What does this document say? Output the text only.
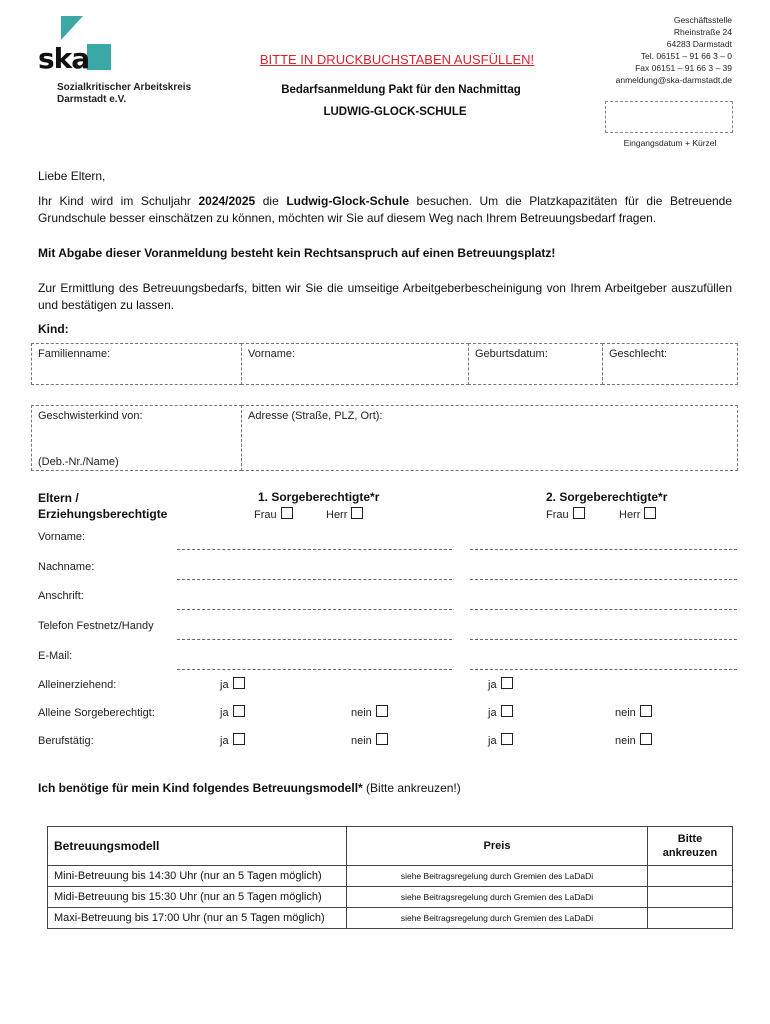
ska
Sozialkritischer Arbeitskreis
Darmstadt e.V.
BITTE IN DRUCKBUCHSTABEN AUSFÜLLEN!
Bedarfsanmeldung Pakt für den Nachmittag
LUDWIG-GLOCK-SCHULE
Geschäftsstelle
Rheinstraße 24
64283 Darmstadt
Tel. 06151 – 91 66 3 – 0
Fax 06151 – 91 66 3 – 39
anmeldung@ska-darmstadt.de
Eingangsdatum + Kürzel
Liebe Eltern,
Ihr Kind wird im Schuljahr 2024/2025 die Ludwig-Glock-Schule besuchen. Um die Platzkapazitäten für die Betreuende Grundschule besser einschätzen zu können, möchten wir Sie auf diesem Weg nach Ihrem Betreuungsbedarf fragen.
Mit Abgabe dieser Voranmeldung besteht kein Rechtsanspruch auf einen Betreuungsplatz!
Zur Ermittlung des Betreuungsbedarfs, bitten wir Sie die umseitige Arbeitgeberbescheinigung von Ihrem Arbeitgeber auszufüllen und bestätigen zu lassen.
Kind:
Familienname:	Vorname:	Geburtsdatum:	Geschlecht:
Geschwisterkind von:
(Deb.-Nr./Name)
Adresse (Straße, PLZ, Ort):
Eltern /
Erziehungsberechtigte
1. Sorgeberechtigte*r	2. Sorgeberechtigte*r
Frau	Herr	Frau	Herr
Vorname:
Nachname:
Anschrift:
Telefon Festnetz/Handy
E-Mail:
Alleinerziehend:	ja	ja
Alleine Sorgeberechtigt:	ja	nein	ja	nein
Berufstätig:	ja	nein	ja	nein
Ich benötige für mein Kind folgendes Betreuungsmodell* (Bitte ankreuzen!)
Betreuungsmodell	Preis	Bitte
ankreuzen

Mini-Betreuung bis 14:30 Uhr (nur an 5 Tagen möglich)	siehe Beitragsregelung durch Gremien des LaDaDi	
Midi-Betreuung bis 15:30 Uhr (nur an 5 Tagen möglich)	siehe Beitragsregelung durch Gremien des LaDaDi	
Maxi-Betreuung bis 17:00 Uhr (nur an 5 Tagen möglich)	siehe Beitragsregelung durch Gremien des LaDaDi	
